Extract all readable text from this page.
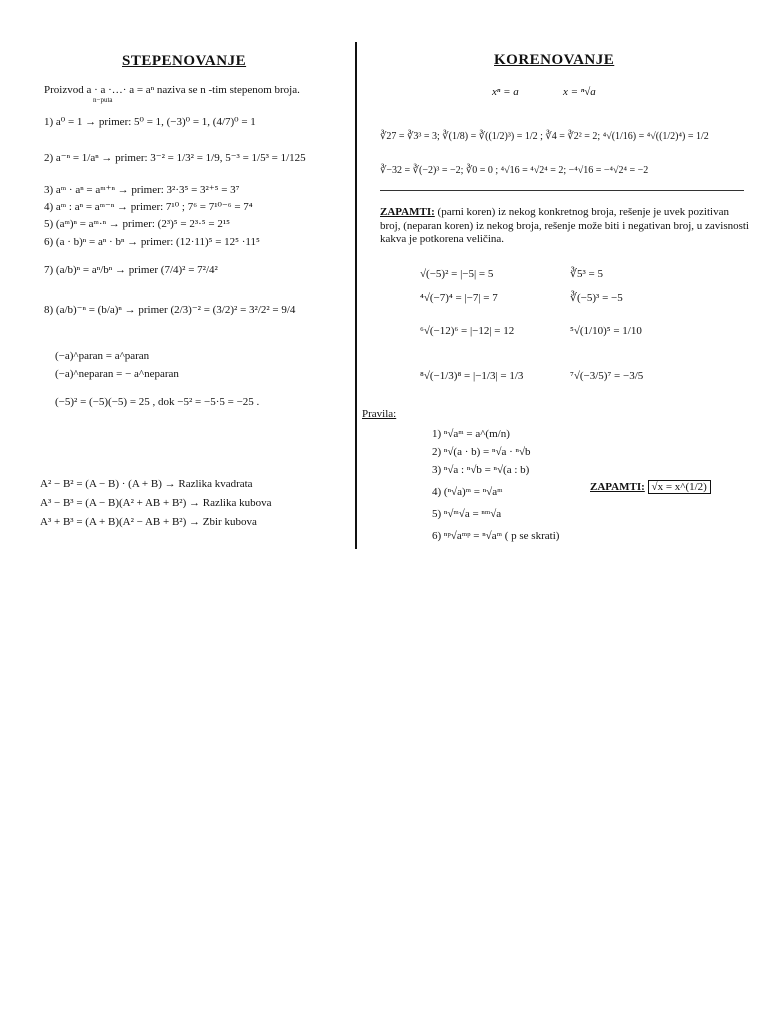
STEPENOVANJE
Proizvod a · a ·…· a = aⁿ naziva se n -tim stepenom broja.
n−puta
1) a⁰ = 1 → primer: 5⁰ = 1, (−3)⁰ = 1, (4/7)⁰ = 1
2) a⁻ⁿ = 1/aⁿ → primer: 3⁻² = 1/3² = 1/9, 5⁻³ = 1/5³ = 1/125
3) aᵐ · aⁿ = aᵐ⁺ⁿ → primer: 3²·3⁵ = 3²⁺⁵ = 3⁷
4) aᵐ : aⁿ = aᵐ⁻ⁿ → primer: 7¹⁰ ; 7⁶ = 7¹⁰⁻⁶ = 7⁴
5) (aᵐ)ⁿ = aᵐ·ⁿ → primer: (2³)⁵ = 2³·⁵ = 2¹⁵
6) (a · b)ⁿ = aⁿ · bⁿ → primer: (12·11)⁵ = 12⁵ ·11⁵
7) (a/b)ⁿ = aⁿ/bⁿ → primer (7/4)² = 7²/4²
8) (a/b)⁻ⁿ = (b/a)ⁿ → primer (2/3)⁻² = (3/2)² = 3²/2² = 9/4
(−a)^paran = a^paran
(−a)^neparan = − a^neparan
(−5)² = (−5)(−5) = 25 , dok −5² = −5·5 = −25 .
A² − B² = (A − B) · (A + B) → Razlika kvadrata
A³ − B³ = (A − B)(A² + AB + B²) → Razlika kubova
A³ + B³ = (A + B)(A² − AB + B²) → Zbir kubova
KORENOVANJE
xⁿ = a	x = ⁿ√a
∛27 = ∛3³ = 3; ∛(1/8) = ∛((1/2)³) = 1/2 ; ∛4 = ∛2² = 2; ⁴√(1/16) = ⁴√((1/2)⁴) = 1/2
∛−32 = ∛(−2)³ = −2; ∛0 = 0 ; ⁴√16 = ⁴√2⁴ = 2; −⁴√16 = −⁴√2⁴ = −2
ZAPAMTI: (parni koren) iz nekog konkretnog broja, rešenje je uvek pozitivan broj, (neparan koren) iz nekog broja, rešenje može biti i negativan broj, u zavisnosti kakva je potkorena veličina.
√(−5)² = |−5| = 5
⁴√(−7)⁴ = |−7| = 7
⁶√(−12)⁶ = |−12| = 12
⁸√(−1/3)⁸ = |−1/3| = 1/3
∛5³ = 5
∛(−5)³ = −5
⁵√(1/10)⁵ = 1/10
⁷√(−3/5)⁷ = −3/5
Pravila:
1) ⁿ√aᵐ = a^(m/n)
2) ⁿ√(a · b) = ⁿ√a · ⁿ√b
3) ⁿ√a : ⁿ√b = ⁿ√(a : b)
4) (ⁿ√a)ᵐ = ⁿ√aᵐ
5) ⁿ√ᵐ√a = ⁿᵐ√a
6) ⁿᵖ√aᵐᵖ = ⁿ√aᵐ ( p se skrati)
ZAPAMTI: √x = x^(1/2)
